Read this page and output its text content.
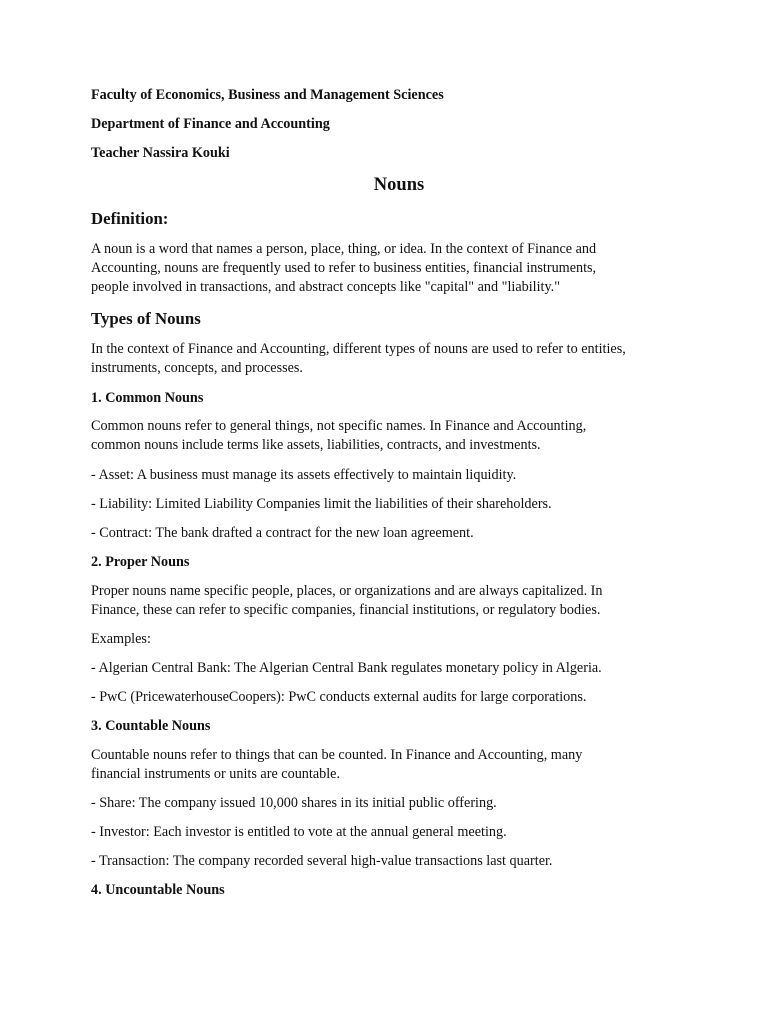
Faculty of Economics, Business and Management Sciences
Department of Finance and Accounting
Teacher Nassira Kouki
Nouns
Definition:
A noun is a word that names a person, place, thing, or idea. In the context of Finance and
Accounting, nouns are frequently used to refer to business entities, financial instruments,
people involved in transactions, and abstract concepts like "capital" and "liability."
Types of Nouns
In the context of Finance and Accounting, different types of nouns are used to refer to entities,
instruments, concepts, and processes.
1. Common Nouns
Common nouns refer to general things, not specific names. In Finance and Accounting,
common nouns include terms like assets, liabilities, contracts, and investments.
- Asset: A business must manage its assets effectively to maintain liquidity.
- Liability: Limited Liability Companies limit the liabilities of their shareholders.
- Contract: The bank drafted a contract for the new loan agreement.
2. Proper Nouns
Proper nouns name specific people, places, or organizations and are always capitalized. In
Finance, these can refer to specific companies, financial institutions, or regulatory bodies.
Examples:
- Algerian Central Bank: The Algerian Central Bank regulates monetary policy in Algeria.
- PwC (PricewaterhouseCoopers): PwC conducts external audits for large corporations.
3. Countable Nouns
Countable nouns refer to things that can be counted. In Finance and Accounting, many
financial instruments or units are countable.
- Share: The company issued 10,000 shares in its initial public offering.
- Investor: Each investor is entitled to vote at the annual general meeting.
- Transaction: The company recorded several high-value transactions last quarter.
4. Uncountable Nouns
